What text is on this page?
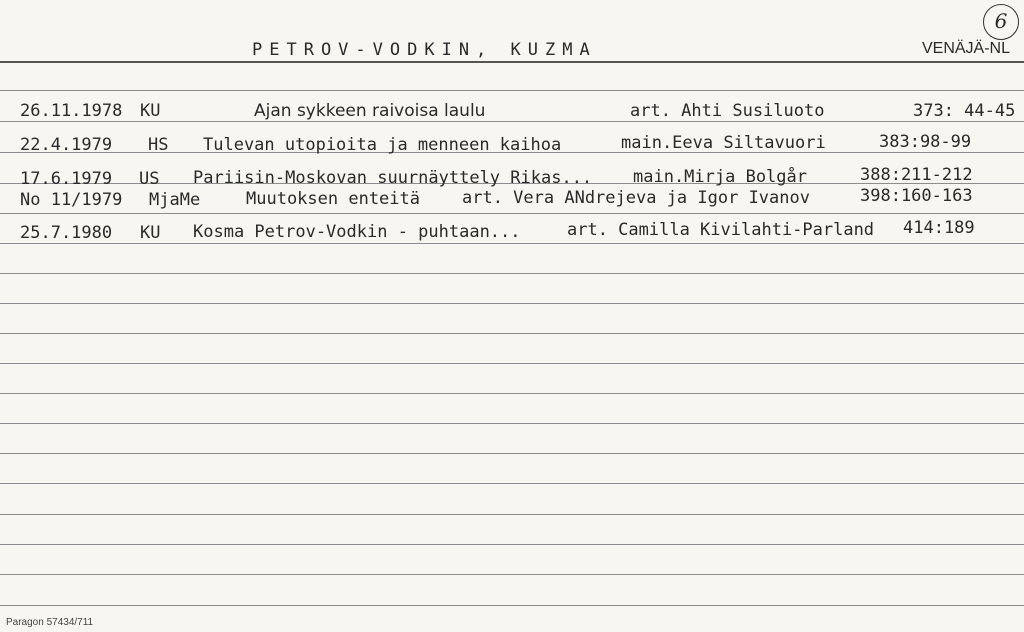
6
PETROV-VODKIN, KUZMA	VENÄJÄ-NL
26.11.1978 KU	Ajan sykkeen raivoisa laulu	art. Ahti Susiluoto	373: 44-45
22.4.1979 HS Tulevan utopioita ja menneen kaihoa	main.Eeva Siltavuori	383:98-99
17.6.1979 US Pariisin-Moskovan suurnäyttely Rikas... main.Mirja Bolgår	388:211-212
No 11/1979 MjaMe	Muutoksen enteitä art. Vera ANdrejeva ja Igor Ivanov	398:160-163
25.7.1980 KU Kosma Petrov-Vodkin - puhtaan...	art. Camilla Kivilahti-Parland 414:189
Paragon 57434/711
